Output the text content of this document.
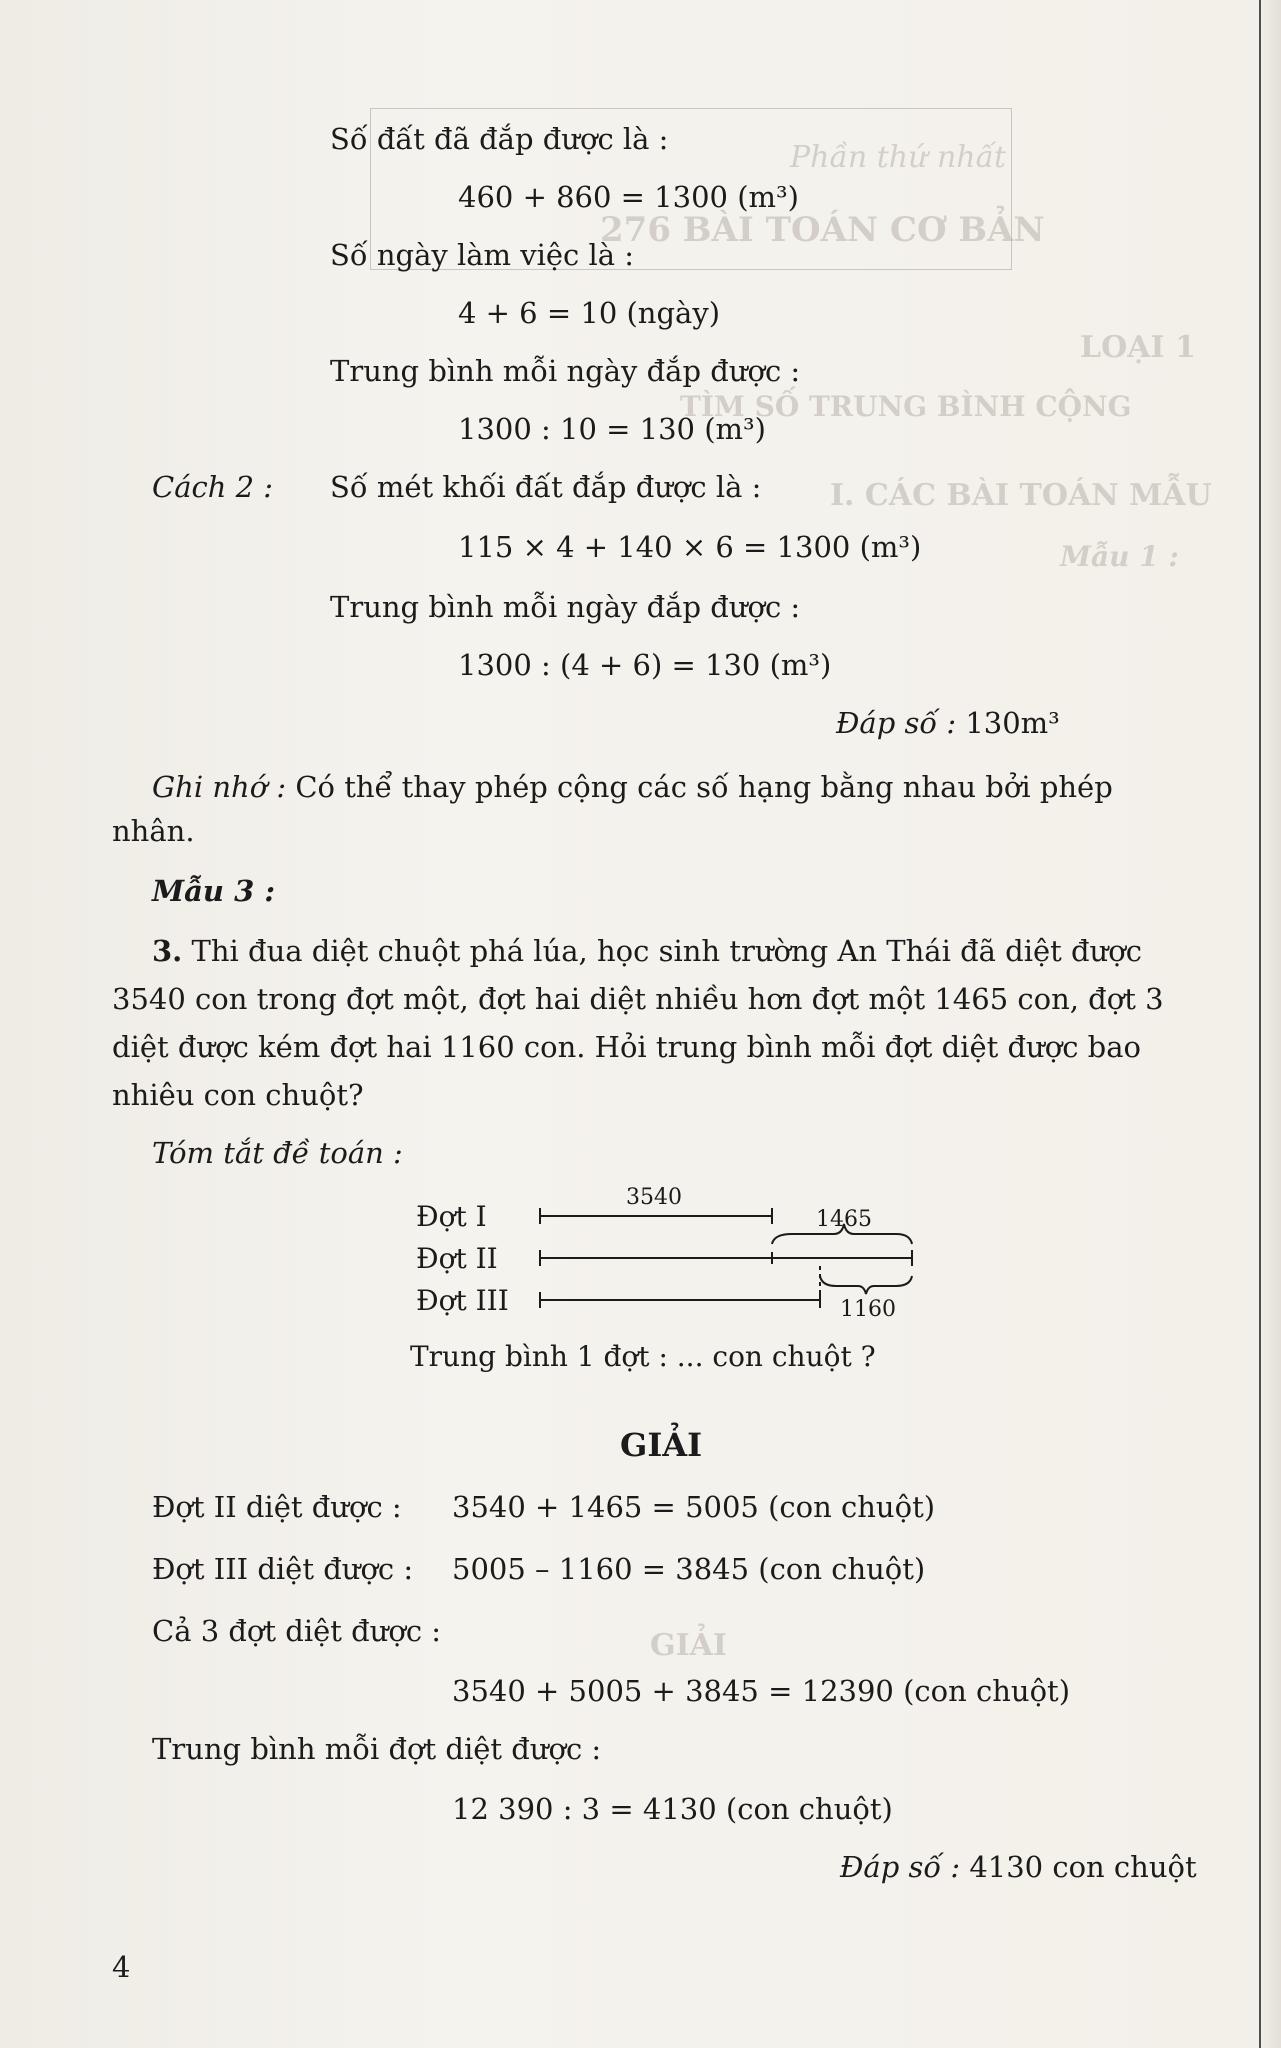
Phần thứ nhất
276 BÀI TOÁN CƠ BẢN
LOẠI 1
TÌM SỐ TRUNG BÌNH CỘNG
I. CÁC BÀI TOÁN MẪU
Mẫu 1 :
GIẢI
Số đất đã đắp được là :
460 + 860 = 1300 (m³)
Số ngày làm việc là :
4 + 6 = 10 (ngày)
Trung bình mỗi ngày đắp được :
1300 : 10 = 130 (m³)
Cách 2 : Số mét khối đất đắp được là :
115 × 4 + 140 × 6 = 1300 (m³)
Trung bình mỗi ngày đắp được :
1300 : (4 + 6) = 130 (m³)
Đáp số : 130m³
Ghi nhớ : Có thể thay phép cộng các số hạng bằng nhau bởi phép
nhân.
Mẫu 3 :
3. Thi đua diệt chuột phá lúa, học sinh trường An Thái đã diệt được
3540 con trong đợt một, đợt hai diệt nhiều hơn đợt một 1465 con, đợt 3
diệt được kém đợt hai 1160 con. Hỏi trung bình mỗi đợt diệt được bao
nhiêu con chuột?
Tóm tắt đề toán :
Đợt I
Đợt II
Đợt III
3540
1465
1160
Trung bình 1 đợt : ... con chuột ?
GIẢI
Đợt II diệt được : 3540 + 1465 = 5005 (con chuột)
Đợt III diệt được : 5005 – 1160 = 3845 (con chuột)
Cả 3 đợt diệt được :
3540 + 5005 + 3845 = 12390 (con chuột)
Trung bình mỗi đợt diệt được :
12 390 : 3 = 4130 (con chuột)
Đáp số : 4130 con chuột
4
